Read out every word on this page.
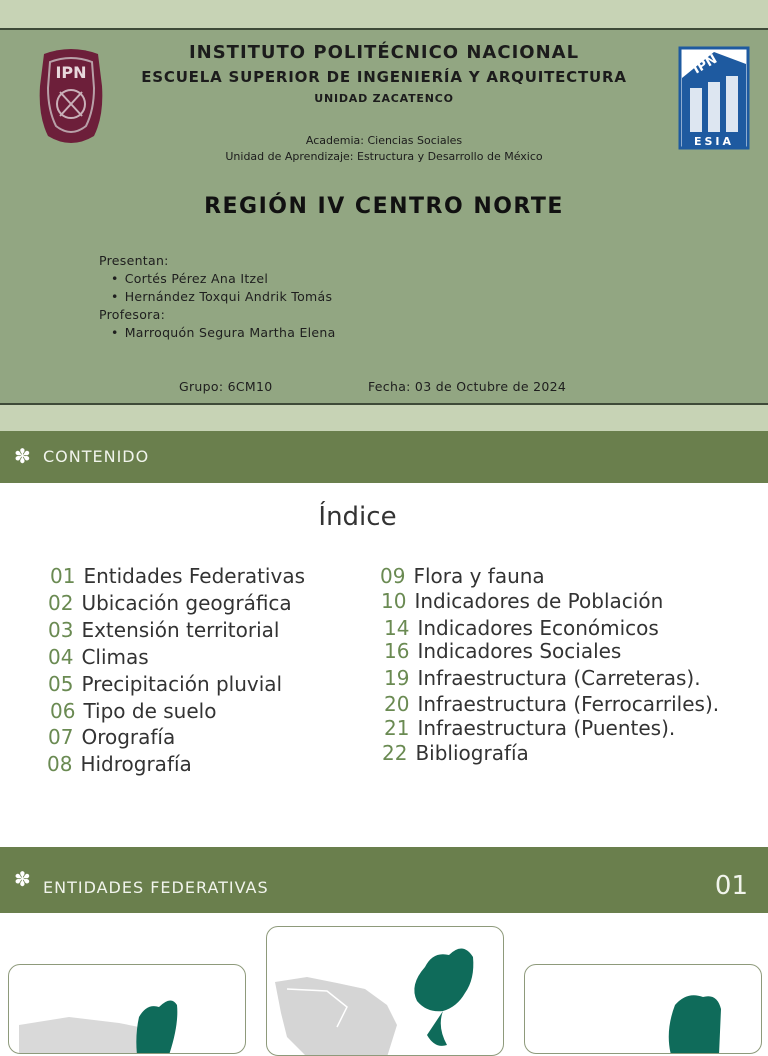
IPN	IPN
ESIA
INSTITUTO POLITÉCNICO NACIONAL
ESCUELA SUPERIOR DE INGENIERÍA Y ARQUITECTURA
UNIDAD ZACATENCO
Academia: Ciencias Sociales
Unidad de Aprendizaje: Estructura y Desarrollo de México
REGIÓN IV CENTRO NORTE
Presentan:
• Cortés Pérez Ana Itzel
• Hernández Toxqui Andrik Tomás
Profesora:
• Marroquón Segura Martha Elena
Grupo: 6CM10	Fecha: 03 de Octubre de 2024
✽ CONTENIDO
Índice
01 Entidades Federativas
02 Ubicación geográfica
03 Extensión territorial
04 Climas
05 Precipitación pluvial
06 Tipo de suelo
07 Orografía
08 Hidrografía
09 Flora y fauna
10 Indicadores de Población
14 Indicadores Económicos
16 Indicadores Sociales
19 Infraestructura (Carreteras).
20 Infraestructura (Ferrocarriles).
21 Infraestructura (Puentes).
22 Bibliografía
✽ ENTIDADES FEDERATIVAS	01
